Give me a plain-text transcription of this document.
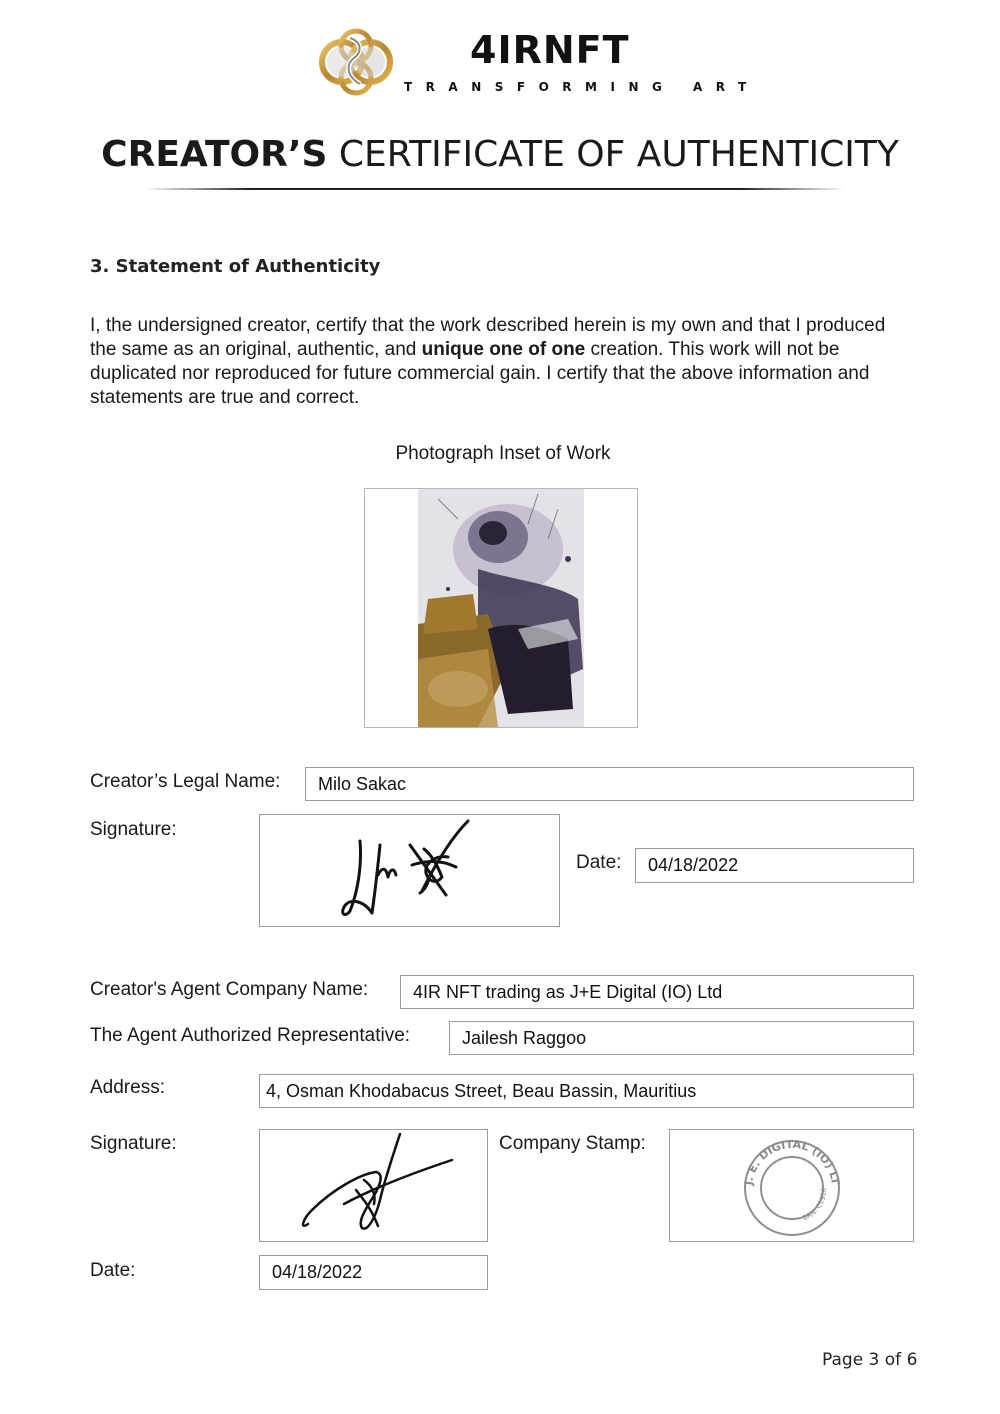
4IRNFT
TRANSFORMING ART
CREATOR’S CERTIFICATE OF AUTHENTICITY
3. Statement of Authenticity
I, the undersigned creator, certify that the work described herein is my own and that I produced the same as an original, authentic, and unique one of one creation. This work will not be duplicated nor reproduced for future commercial gain. I certify that the above information and statements are true and correct.
Photograph Inset of Work
Creator’s Legal Name:	Milo Sakac
Signature:
Date:	04/18/2022
Creator's Agent Company Name:	4IR NFT trading as J+E Digital (IO) Ltd
The Agent Authorized Representative:	Jailesh Raggoo
Address:	4, Osman Khodabacus Street, Beau Bassin, Mauritius
Signature:	Company Stamp:
J. E. DIGITAL (IO) LT
BRN: C1916
Date:	04/18/2022
Page 3 of 6
